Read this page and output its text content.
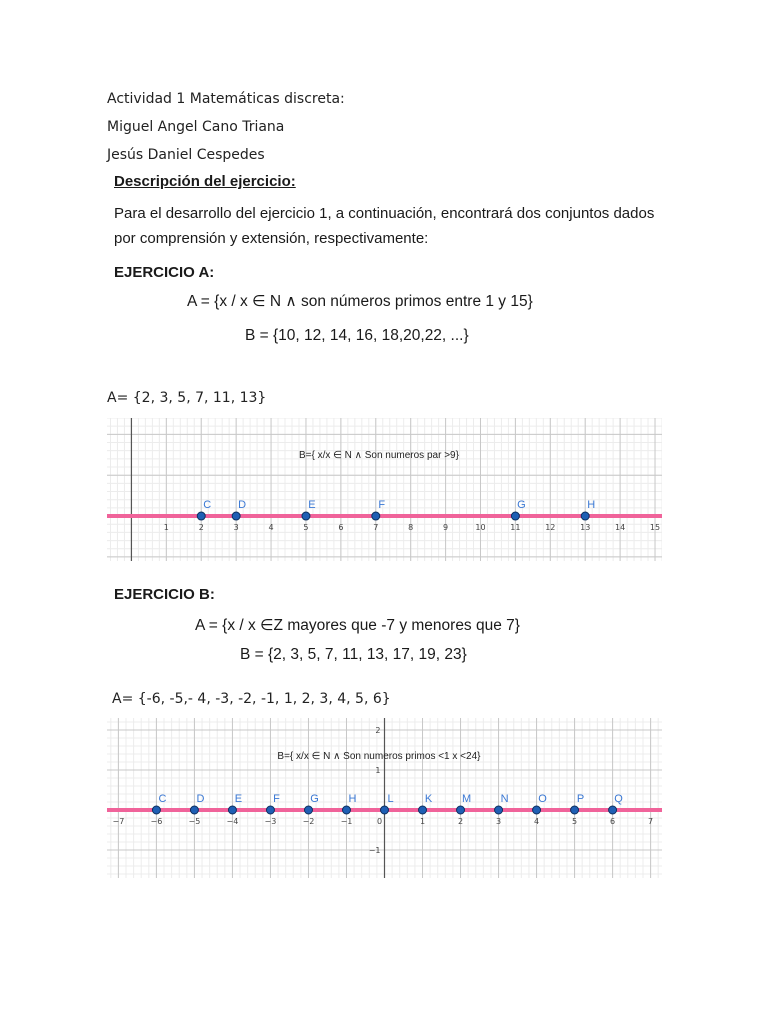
Actividad 1 Matemáticas discreta:
Miguel Angel Cano Triana
Jesús Daniel Cespedes
Descripción del ejercicio:
Para el desarrollo del ejercicio 1, a continuación, encontrará dos conjuntos dados por comprensión y extensión, respectivamente:
EJERCICIO A:
A = {x / x ∈ N ∧ son números primos entre 1 y 15}
B = {10, 12, 14, 16, 18,20,22, ...}
A= {2, 3, 5, 7, 11, 13}
1	2	3	4	5	6	7	8	9	10	11	12	13	14	15
B={ x/x ∈ N ∧ Son numeros par >9}
C D	E	F	G	H
EJERCICIO B:
A = {x / x ∈Z mayores que -7 y menores que 7}
B = {2, 3, 5, 7, 11, 13, 17, 19, 23}
A= {-6, -5,- 4, -3, -2, -1, 1, 2, 3, 4, 5, 6}
−7	−6	−5	−4	−3	−2	−1	0	1	2	3	4	5	6	7
2
1
−1
B={ x/x ∈ N ∧ Son numeros primos <1 x <24}
C	D	E	F	G	H	L	K	M	N	O	P	Q
